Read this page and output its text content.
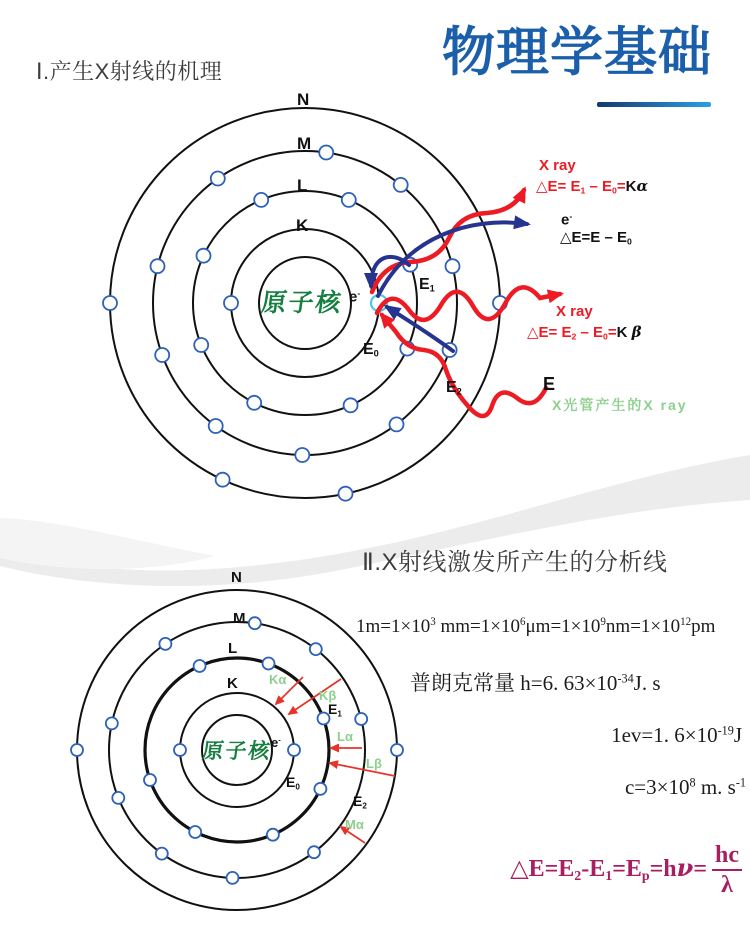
物理学基础
Ⅰ.产生X射线的机理
Ⅱ.X射线激发所产生的分析线
N
M
L
K
原子核 e-	$E_1$
$E_0$
$E_2$
X ray
△E= $E_1 - E_0=K\alpha$
e-
△E=E – $E_0$
X ray
△E= $E_2 - E_0=K$ β
E
X光管产生的X ray
N
M
L
K
原子核
e-
$E_1$
$E_0$
$E_2$
Kα
Kβ
Lα
Lβ
Mα
$1m=1\times 10^3$ $mm=1\times 10^6\mu m=1\times 10^9nm=1\times 10^{12}pm$
普朗克常量 h=6. $63\times 10^{-34}J$. s
1ev=1. $6\times 10^{-19}J$
$c=3\times 10^8$ m. $s^{-1}$
$\triangle E=E_2-E_1=E_p=h\nu= \frac{hc}{\lambda}$
